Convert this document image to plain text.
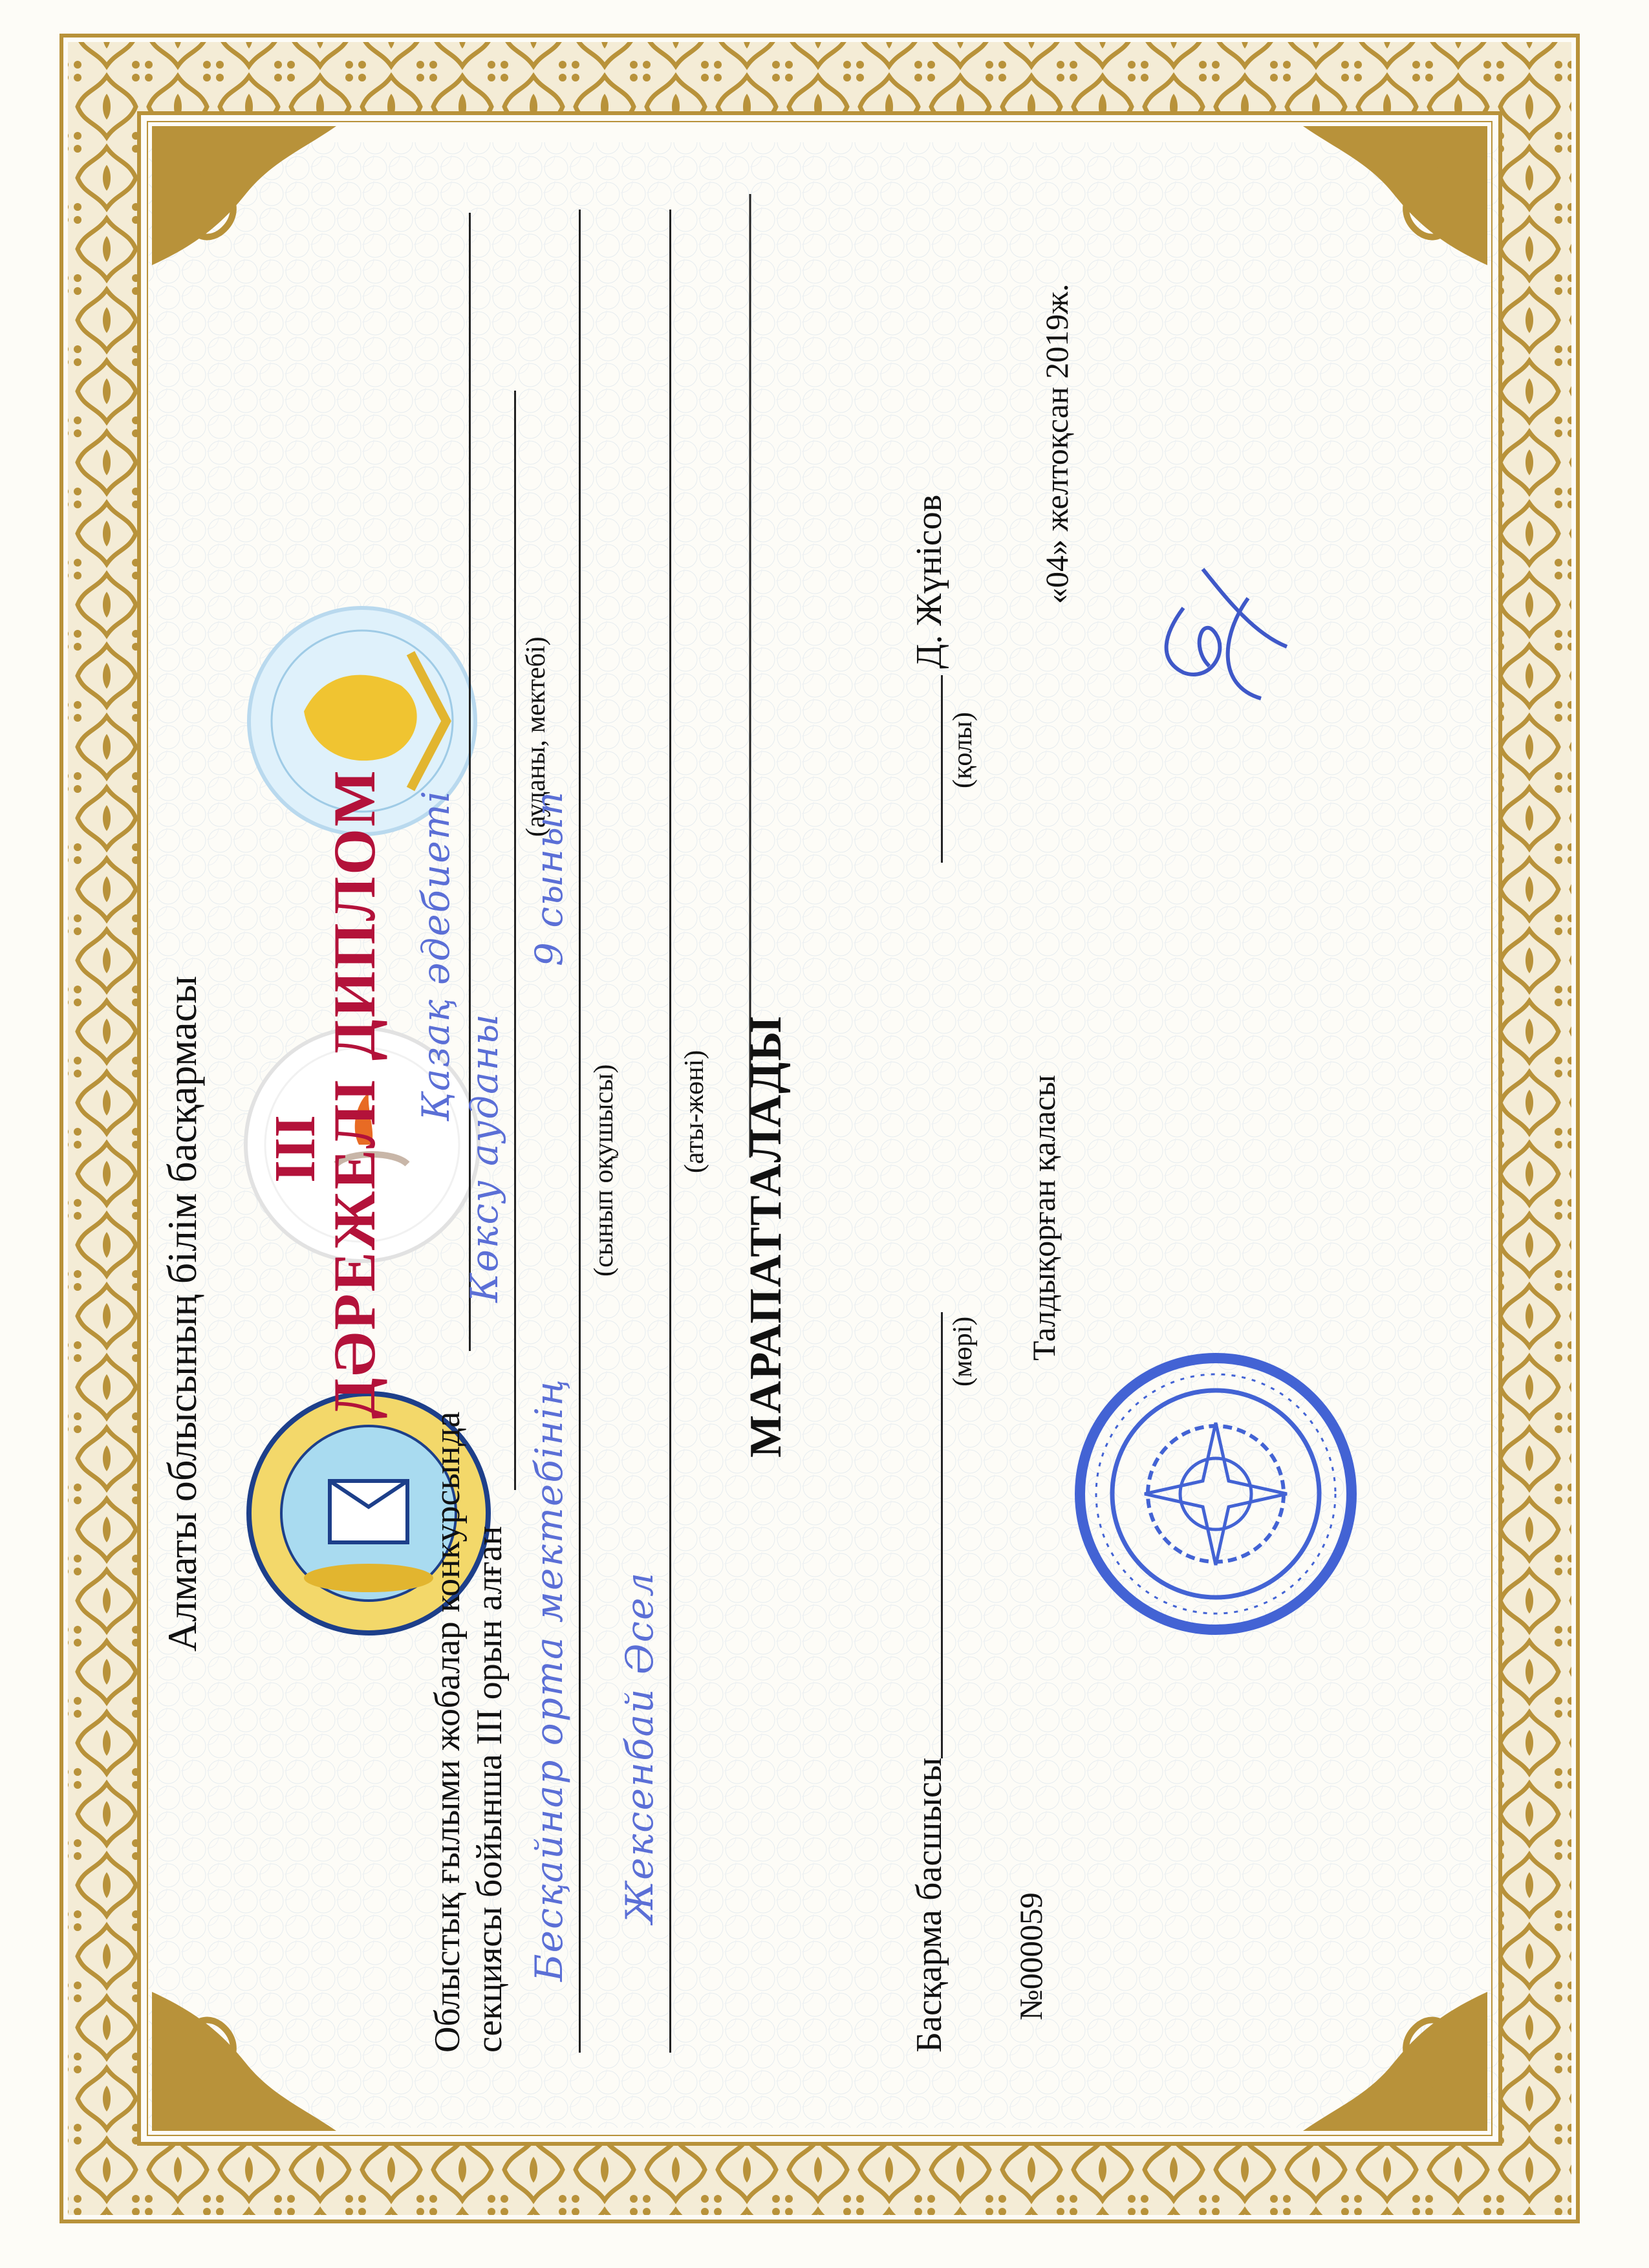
Алматы облысының білім басқармасы III
ДӘРЕЖЕЛІ ДИПЛОМ
Облыстық ғылыми жобалар конкурсында
Қазақ әдебиеті
секциясы бойынша III орын алған
Көксу ауданы
(ауданы, мектебі)
Бесқайнар орта мектебінің
9 сынып
(сынып оқушысы)
Жексенбай Әсел
(аты-жөні) МАРАПАТТАЛАДЫ
Басқарма басшысы
(мөрі)
(қолы)
Д. Жүнісов
№000059
Талдықорған қаласы
«04» желтоқсан 2019ж.
